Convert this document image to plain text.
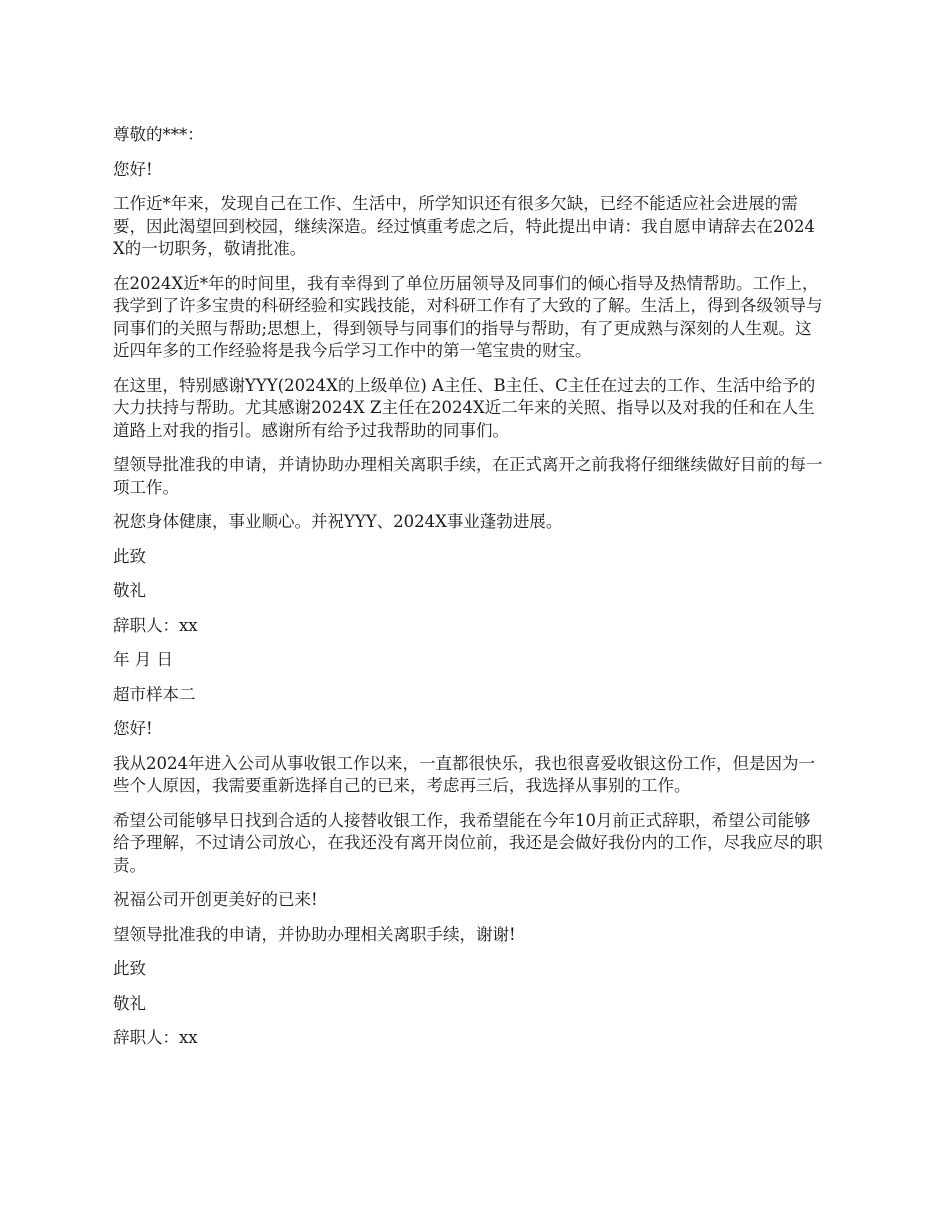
尊敬的***：

您好!

工作近*年来，发现自己在工作、生活中，所学知识还有很多欠缺，已经不能适应社会进展的需要，因此渴望回到校园，继续深造。经过慎重考虑之后，特此提出申请：我自愿申请辞去在2024X的一切职务，敬请批准。

在2024X近*年的时间里，我有幸得到了单位历届领导及同事们的倾心指导及热情帮助。工作上，我学到了许多宝贵的科研经验和实践技能，对科研工作有了大致的了解。生活上，得到各级领导与同事们的关照与帮助;思想上，得到领导与同事们的指导与帮助，有了更成熟与深刻的人生观。这近四年多的工作经验将是我今后学习工作中的第一笔宝贵的财宝。

在这里，特别感谢YYY(2024X的上级单位) A主任、B主任、C主任在过去的工作、生活中给予的大力扶持与帮助。尤其感谢2024X Z主任在2024X近二年来的关照、指导以及对我的任和在人生道路上对我的指引。感谢所有给予过我帮助的同事们。

望领导批准我的申请，并请协助办理相关离职手续，在正式离开之前我将仔细继续做好目前的每一项工作。

祝您身体健康，事业顺心。并祝YYY、2024X事业蓬勃进展。

此致

敬礼

辞职人：xx

年 月 日

超市样本二

您好!

我从2024年进入公司从事收银工作以来，一直都很快乐，我也很喜爱收银这份工作，但是因为一些个人原因，我需要重新选择自己的已来，考虑再三后，我选择从事别的工作。

希望公司能够早日找到合适的人接替收银工作，我希望能在今年10月前正式辞职，希望公司能够给予理解，不过请公司放心，在我还没有离开岗位前，我还是会做好我份内的工作，尽我应尽的职责。

祝福公司开创更美好的已来!

望领导批准我的申请，并协助办理相关离职手续，谢谢!

此致

敬礼

辞职人：xx
